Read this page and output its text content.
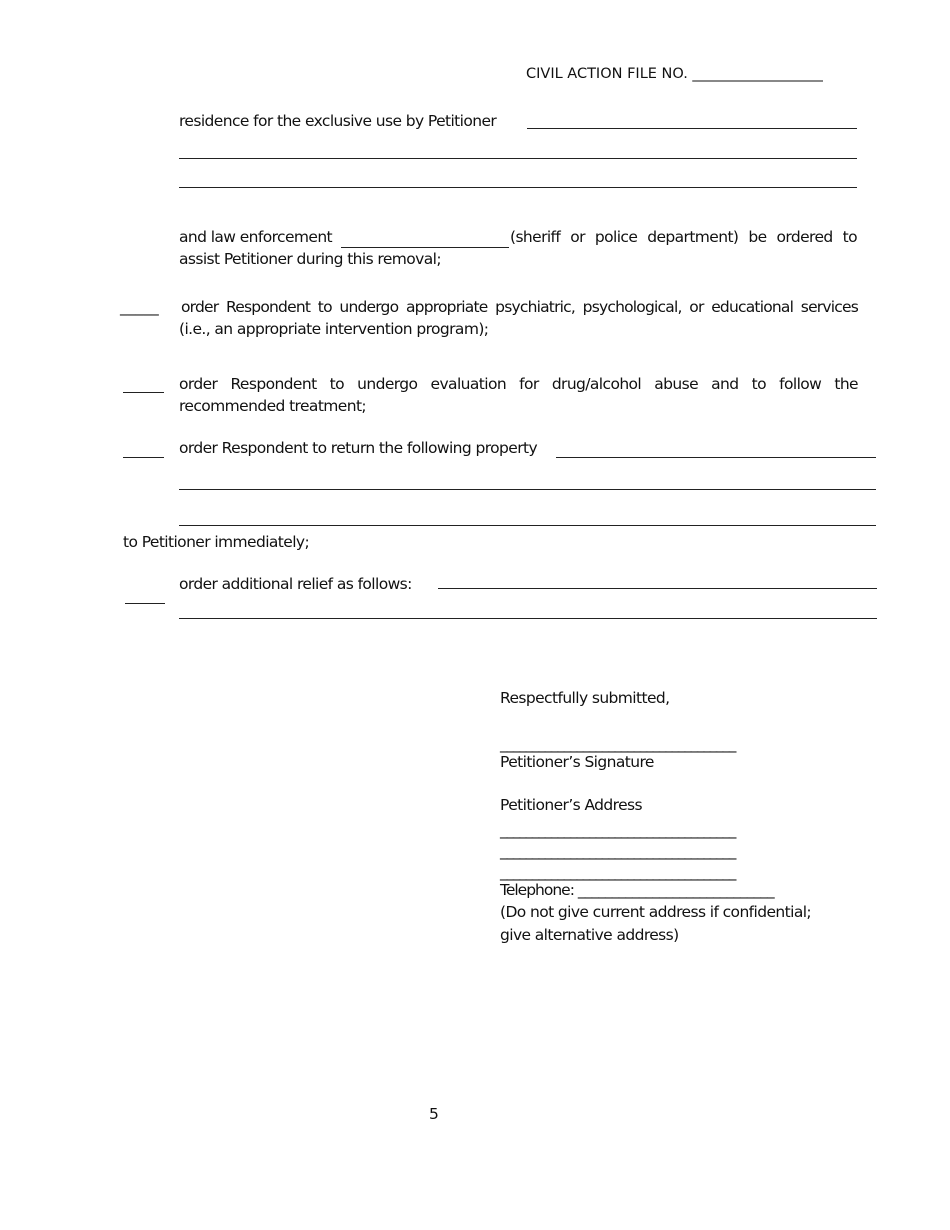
CIVIL ACTION FILE NO. __________________
residence for the exclusive use by Petitioner
and law enforcement	(sheriff or police department) be ordered to
assist Petitioner during this removal;
_____ order Respondent to undergo appropriate psychiatric, psychological, or educational services
(i.e., an appropriate intervention program);
order Respondent to undergo evaluation for drug/alcohol abuse and to follow the
recommended treatment;
order Respondent to return the following property
to Petitioner immediately;
order additional relief as follows:
Respectfully submitted,
_____________________________________
Petitioner’s Signature
Petitioner’s Address
_____________________________________
_____________________________________
_____________________________________
Telephone: _____________________________
(Do not give current address if confidential;
give alternative address)
5
